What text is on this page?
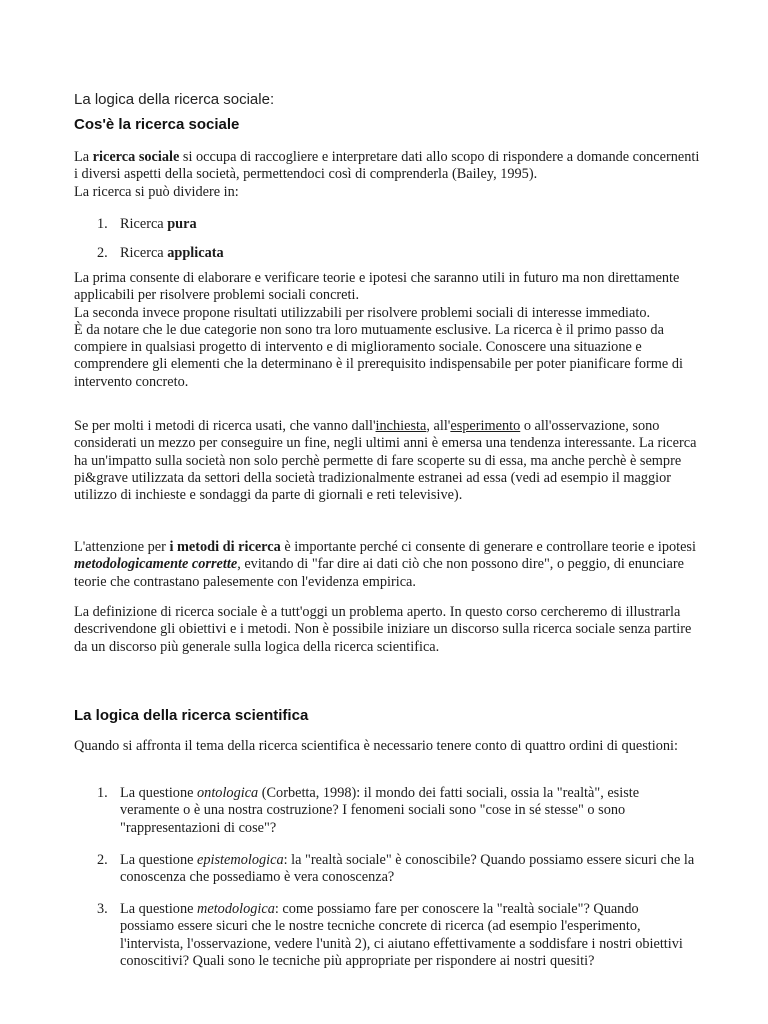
La logica della ricerca sociale:
Cos'è la ricerca sociale

La ricerca sociale si occupa di raccogliere e interpretare dati allo scopo di rispondere a domande concernenti i diversi aspetti della società, permettendoci così di comprenderla (Bailey, 1995).

La ricerca si può dividere in:

1. Ricerca pura
2. Ricerca applicata

La prima consente di elaborare e verificare teorie e ipotesi che saranno utili in futuro ma non direttamente applicabili per risolvere problemi sociali concreti.

La seconda invece propone risultati utilizzabili per risolvere problemi sociali di interesse immediato.

È da notare che le due categorie non sono tra loro mutuamente esclusive. La ricerca è il primo passo da compiere in qualsiasi progetto di intervento e di miglioramento sociale. Conoscere una situazione e comprendere gli elementi che la determinano è il prerequisito indispensabile per poter pianificare forme di intervento concreto.

Se per molti i metodi di ricerca usati, che vanno dall'inchiesta, all'esperimento o all'osservazione, sono considerati un mezzo per conseguire un fine, negli ultimi anni è emersa una tendenza interessante. La ricerca ha un'impatto sulla società non solo perchè permette di fare scoperte su di essa, ma anche perchè è sempre pi&grave utilizzata da settori della società tradizionalmente estranei ad essa (vedi ad esempio il maggior utilizzo di inchieste e sondaggi da parte di giornali e reti televisive).

L'attenzione per i metodi di ricerca è importante perché ci consente di generare e controllare teorie e ipotesi metodologicamente corrette, evitando di "far dire ai dati ciò che non possono dire", o peggio, di enunciare teorie che contrastano palesemente con l'evidenza empirica.

La definizione di ricerca sociale è a tutt'oggi un problema aperto. In questo corso cercheremo di illustrarla descrivendone gli obiettivi e i metodi. Non è possibile iniziare un discorso sulla ricerca sociale senza partire da un discorso più generale sulla logica della ricerca scientifica.

La logica della ricerca scientifica

Quando si affronta il tema della ricerca scientifica è necessario tenere conto di quattro ordini di questioni:

1. La questione ontologica (Corbetta, 1998): il mondo dei fatti sociali, ossia la "realtà", esiste veramente o è una nostra costruzione? I fenomeni sociali sono "cose in sé stesse" o sono "rappresentazioni di cose"?
2. La questione epistemologica: la "realtà sociale" è conoscibile? Quando possiamo essere sicuri che la conoscenza che possediamo è vera conoscenza?
3. La questione metodologica: come possiamo fare per conoscere la "realtà sociale"? Quando possiamo essere sicuri che le nostre tecniche concrete di ricerca (ad esempio l'esperimento, l'intervista, l'osservazione, vedere l'unità 2), ci aiutano effettivamente a soddisfare i nostri obiettivi conoscitivi? Quali sono le tecniche più appropriate per rispondere ai nostri quesiti?
